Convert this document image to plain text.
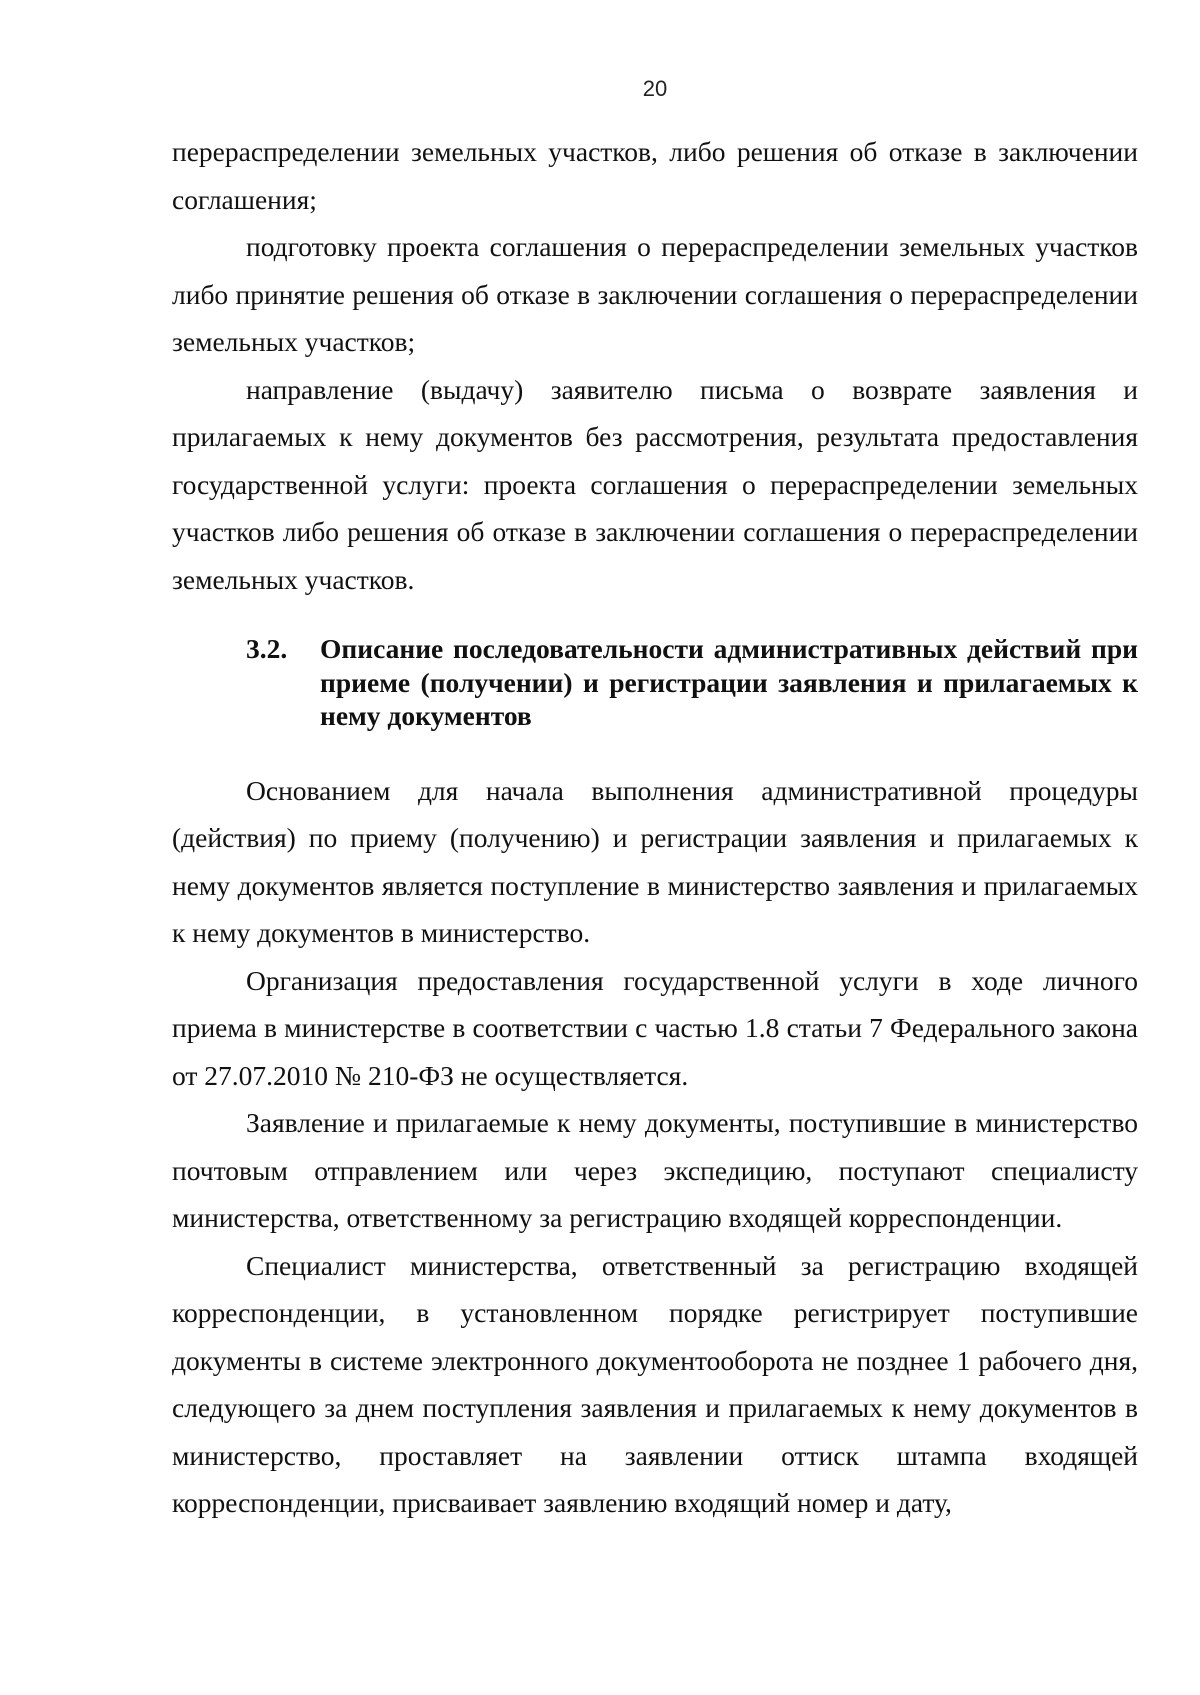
20

перераспределении земельных участков, либо решения об отказе в заключении соглашения;

подготовку проекта соглашения о перераспределении земельных участков либо принятие решения об отказе в заключении соглашения о перераспределении земельных участков;

направление (выдачу) заявителю письма о возврате заявления и прилагаемых к нему документов без рассмотрения, результата предоставления государственной услуги: проекта соглашения о перераспределении земельных участков либо решения об отказе в заключении соглашения о перераспределении земельных участков.

3.2.	Описание последовательности административных действий при приеме (получении) и регистрации заявления и прилагаемых к нему документов

Основанием для начала выполнения административной процедуры (действия) по приему (получению) и регистрации заявления и прилагаемых к нему документов является поступление в министерство заявления и прилагаемых к нему документов в министерство.

Организация предоставления государственной услуги в ходе личного приема в министерстве в соответствии с частью 1.8 статьи 7 Федерального закона от 27.07.2010 № 210-ФЗ не осуществляется.

Заявление и прилагаемые к нему документы, поступившие в министерство почтовым отправлением или через экспедицию, поступают специалисту министерства, ответственному за регистрацию входящей корреспонденции.

Специалист министерства, ответственный за регистрацию входящей корреспонденции, в установленном порядке регистрирует поступившие документы в системе электронного документооборота не позднее 1 рабочего дня, следующего за днем поступления заявления и прилагаемых к нему документов в министерство, проставляет на заявлении оттиск штампа входящей корреспонденции, присваивает заявлению входящий номер и дату,
